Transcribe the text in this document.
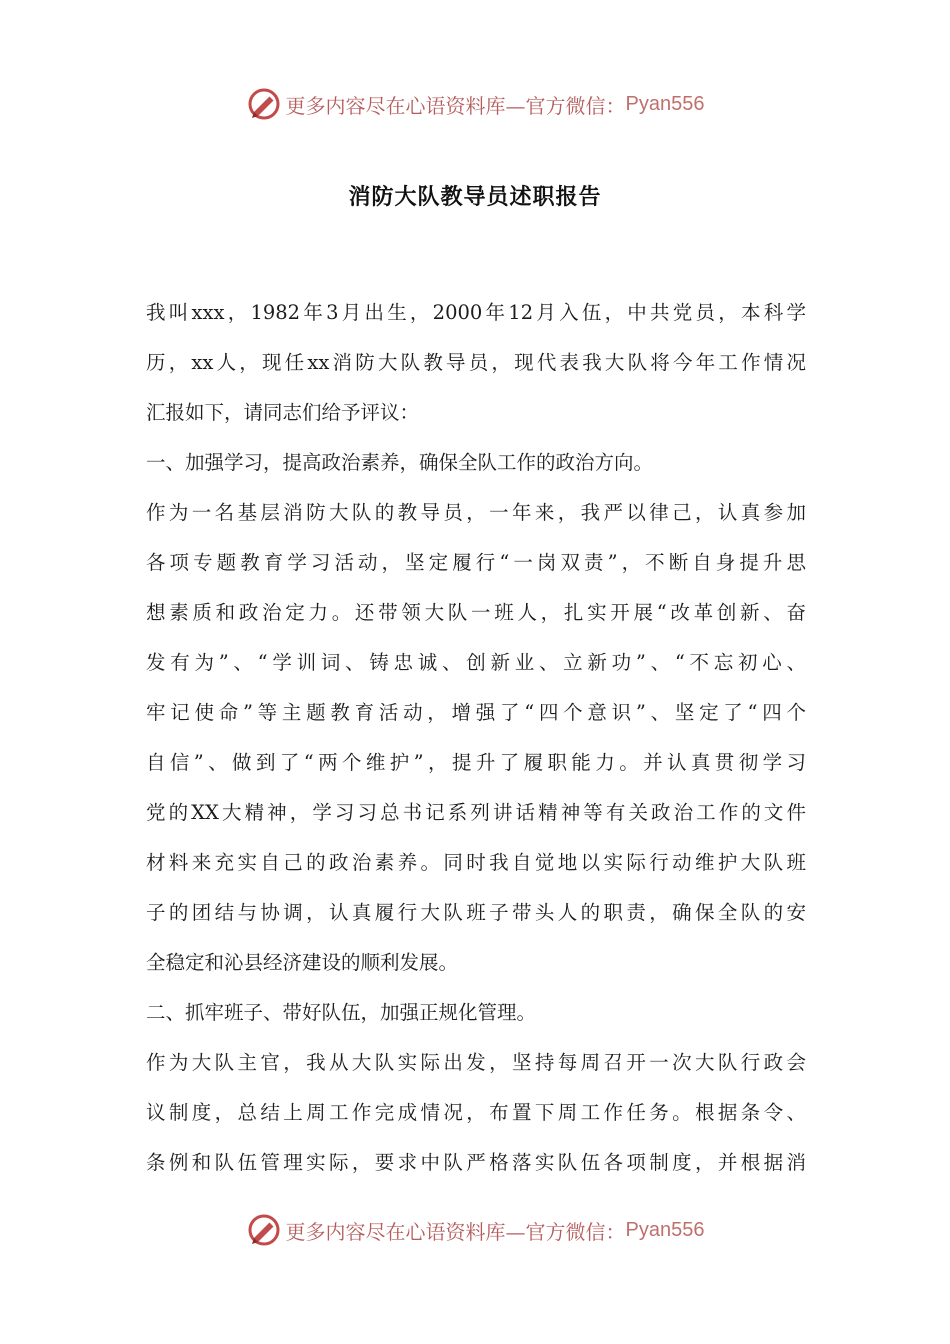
更多内容尽在心语资料库—官方微信： Pyan556
消防大队教导员述职报告
我叫xxx，1982年3月出生，2000年12月入伍，中共党员，本科学
历，xx人，现任xx消防大队教导员，现代表我大队将今年工作情况
汇报如下，请同志们给予评议：
一、加强学习，提高政治素养，确保全队工作的政治方向。
作为一名基层消防大队的教导员，一年来，我严以律己，认真参加
各项专题教育学习活动，坚定履行“一岗双责”，不断自身提升思
想素质和政治定力。还带领大队一班人，扎实开展“改革创新、奋
发有为”、“学训词、铸忠诚、创新业、立新功”、“不忘初心、
牢记使命”等主题教育活动，增强了“四个意识”、坚定了“四个
自信”、做到了“两个维护”，提升了履职能力。并认真贯彻学习
党的XX大精神，学习习总书记系列讲话精神等有关政治工作的文件
材料来充实自己的政治素养。同时我自觉地以实际行动维护大队班
子的团结与协调，认真履行大队班子带头人的职责，确保全队的安
全稳定和沁县经济建设的顺利发展。
二、抓牢班子、带好队伍，加强正规化管理。
作为大队主官，我从大队实际出发，坚持每周召开一次大队行政会
议制度，总结上周工作完成情况，布置下周工作任务。根据条令、
条例和队伍管理实际，要求中队严格落实队伍各项制度，并根据消
更多内容尽在心语资料库—官方微信： Pyan556
